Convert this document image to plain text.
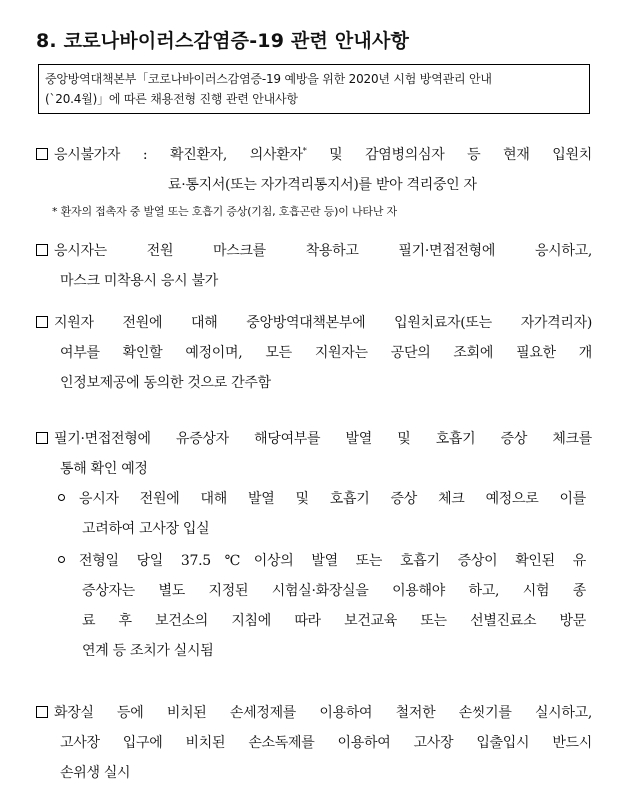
8. 코로나바이러스감염증-19 관련 안내사항
중앙방역대책본부「코로나바이러스감염증-19 예방을 위한 2020년 시험 방역관리 안내
(`20.4월)」에 따른 채용전형 진행 관련 안내사항
응시불가자 : 확진환자, 의사환자* 및 감염병의심자 등 현재 입원치
료·통지서(또는 자가격리통지서)를 받아 격리중인 자
* 환자의 접촉자 중 발열 또는 호흡기 증상(기침, 호흡곤란 등)이 나타난 자
응시자는 전원 마스크를 착용하고 필기·면접전형에 응시하고,
마스크 미착용시 응시 불가
지원자 전원에 대해 중앙방역대책본부에 입원치료자(또는 자가격리자)
여부를 확인할 예정이며, 모든 지원자는 공단의 조회에 필요한 개
인정보제공에 동의한 것으로 간주함
필기·면접전형에 유증상자 해당여부를 발열 및 호흡기 증상 체크를
통해 확인 예정
응시자 전원에 대해 발열 및 호흡기 증상 체크 예정으로 이를
고려하여 고사장 입실
전형일 당일 37.5℃이상의 발열 또는 호흡기 증상이 확인된 유
증상자는 별도 지정된 시험실·화장실을 이용해야 하고, 시험 종
료 후 보건소의 지침에 따라 보건교육 또는 선별진료소 방문
연계 등 조치가 실시됨
화장실 등에 비치된 손세정제를 이용하여 철저한 손씻기를 실시하고,
고사장 입구에 비치된 손소독제를 이용하여 고사장 입출입시 반드시
손위생 실시
